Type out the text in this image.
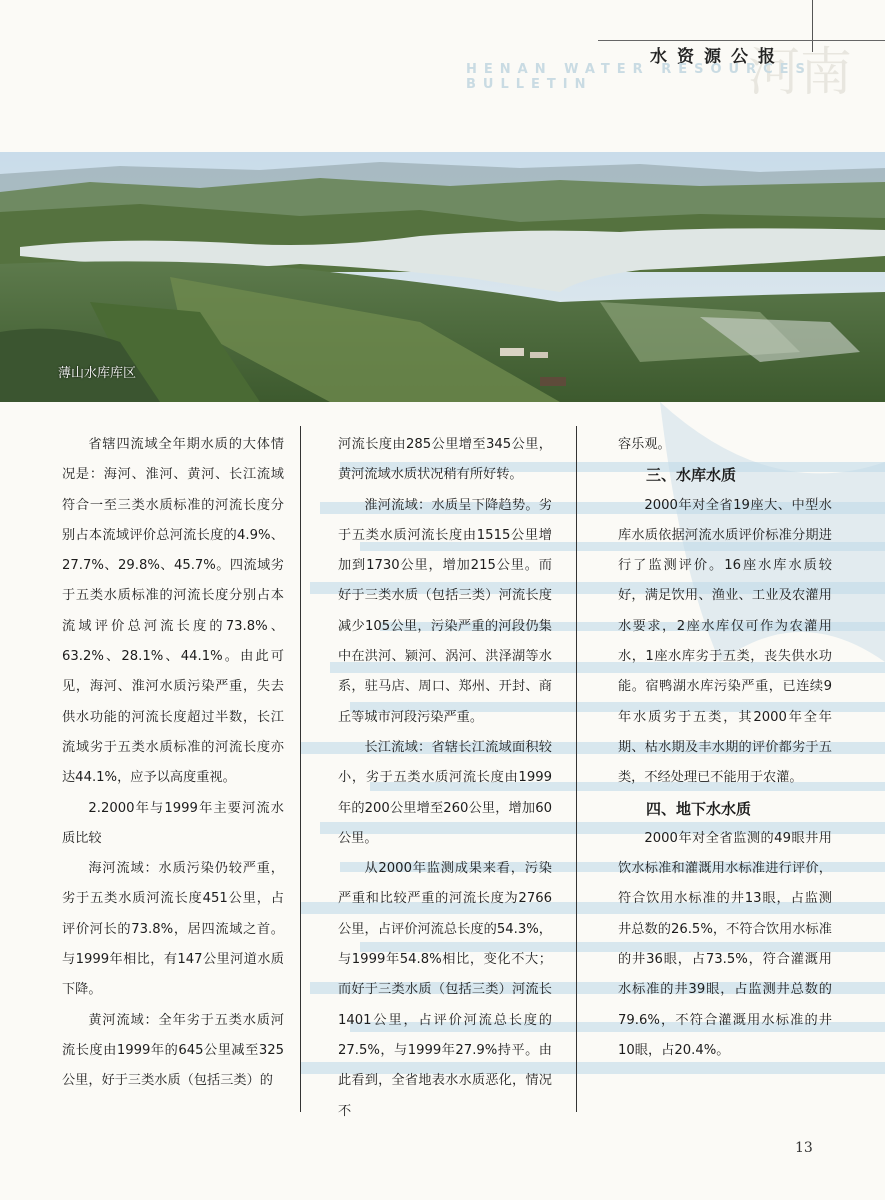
河南
水资源公报
HENAN WATER RESOURCES BULLETIN
薄山水库库区

省辖四流域全年期水质的大体情况是：海河、淮河、黄河、长江流域符合一至三类水质标准的河流长度分别占本流域评价总河流长度的4.9%、27.7%、29.8%、45.7%。四流域劣于五类水质标准的河流长度分别占本流域评价总河流长度的73.8%、63.2%、28.1%、44.1%。由此可见，海河、淮河水质污染严重，失去供水功能的河流长度超过半数，长江流域劣于五类水质标准的河流长度亦达44.1%，应予以高度重视。

2.2000年与1999年主要河流水质比较

海河流域：水质污染仍较严重，劣于五类水质河流长度451公里，占评价河长的73.8%，居四流域之首。与1999年相比，有147公里河道水质下降。

黄河流域：全年劣于五类水质河流长度由1999年的645公里减至325公里，好于三类水质（包括三类）的

河流长度由285公里增至345公里，黄河流域水质状况稍有所好转。

淮河流域：水质呈下降趋势。劣于五类水质河流长度由1515公里增加到1730公里，增加215公里。而好于三类水质（包括三类）河流长度减少105公里，污染严重的河段仍集中在洪河、颍河、涡河、洪泽湖等水系，驻马店、周口、郑州、开封、商丘等城市河段污染严重。

长江流域：省辖长江流域面积较小，劣于五类水质河流长度由1999年的200公里增至260公里，增加60公里。

从2000年监测成果来看，污染严重和比较严重的河流长度为2766公里，占评价河流总长度的54.3%，与1999年54.8%相比，变化不大；而好于三类水质（包括三类）河流长1401公里，占评价河流总长度的27.5%，与1999年27.9%持平。由此看到，全省地表水水质恶化，情况不

容乐观。

三、水库水质

2000年对全省19座大、中型水库水质依据河流水质评价标准分期进行了监测评价。16座水库水质较好，满足饮用、渔业、工业及农灌用水要求，2座水库仅可作为农灌用水，1座水库劣于五类，丧失供水功能。宿鸭湖水库污染严重，已连续9年水质劣于五类，其2000年全年期、枯水期及丰水期的评价都劣于五类，不经处理已不能用于农灌。

四、地下水水质

2000年对全省监测的49眼井用饮水标准和灌溉用水标准进行评价，符合饮用水标准的井13眼，占监测井总数的26.5%，不符合饮用水标准的井36眼，占73.5%，符合灌溉用水标准的井39眼，占监测井总数的79.6%，不符合灌溉用水标准的井10眼，占20.4%。

13
